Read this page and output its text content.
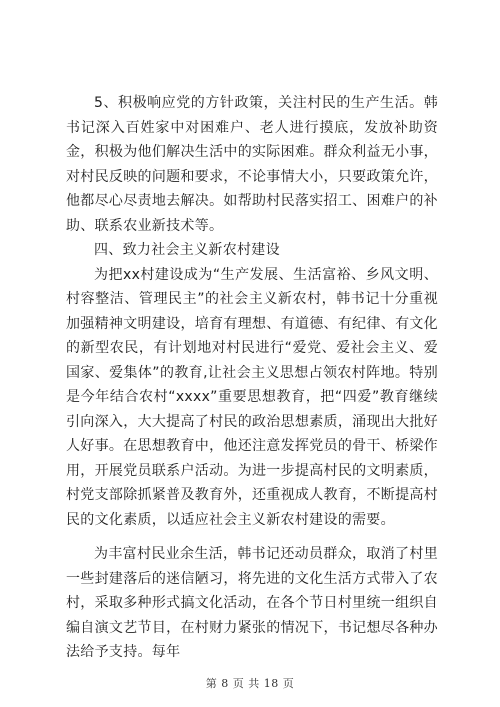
5、积极响应党的方针政策，关注村民的生产生活。韩书记深入百姓家中对困难户、老人进行摸底，发放补助资金，积极为他们解决生活中的实际困难。群众利益无小事，对村民反映的问题和要求，不论事情大小，只要政策允许，他都尽心尽责地去解决。如帮助村民落实招工、困难户的补助、联系农业新技术等。

四、致力社会主义新农村建设

为把xx村建设成为“生产发展、生活富裕、乡风文明、村容整洁、管理民主”的社会主义新农村，韩书记十分重视加强精神文明建设，培育有理想、有道德、有纪律、有文化的新型农民，有计划地对村民进行“爱党、爱社会主义、爱国家、爱集体”的教育,让社会主义思想占领农村阵地。特别是今年结合农村“xxxx”重要思想教育，把“四爱”教育继续引向深入，大大提高了村民的政治思想素质，涌现出大批好人好事。在思想教育中，他还注意发挥党员的骨干、桥梁作用，开展党员联系户活动。为进一步提高村民的文明素质，村党支部除抓紧普及教育外，还重视成人教育，不断提高村民的文化素质，以适应社会主义新农村建设的需要。

为丰富村民业余生活，韩书记还动员群众，取消了村里一些封建落后的迷信陋习，将先进的文化生活方式带入了农村，采取多种形式搞文化活动，在各个节日村里统一组织自编自演文艺节目，在村财力紧张的情况下，书记想尽各种办法给予支持。每年

第 8 页 共 18 页
